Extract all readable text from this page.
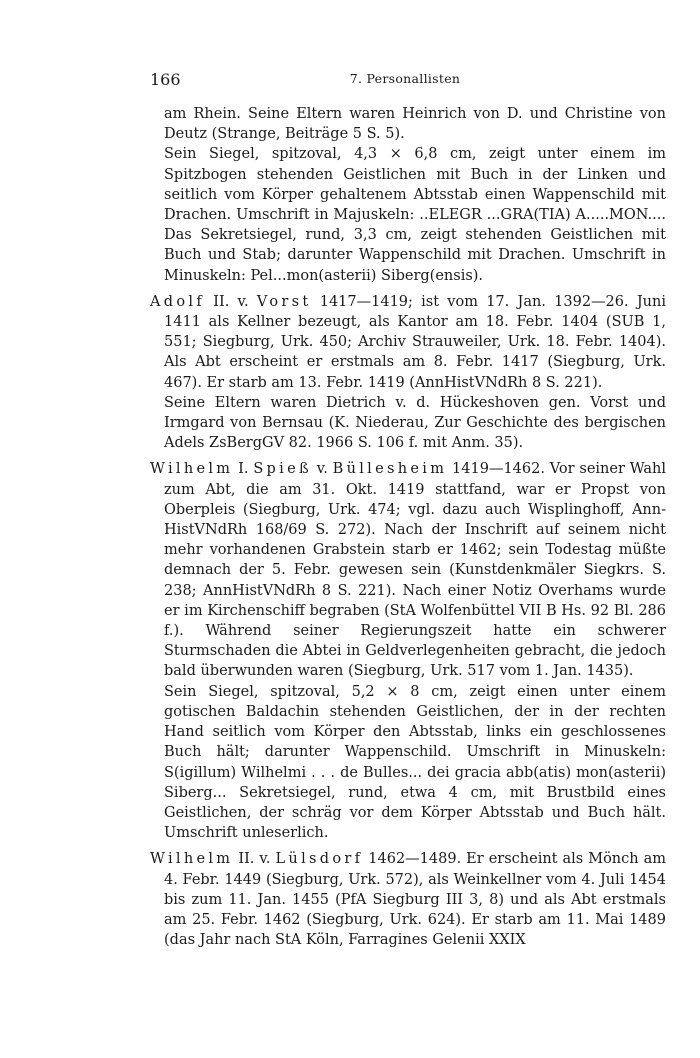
166	7. Personallisten

am Rhein. Seine Eltern waren Heinrich von D. und Christine von Deutz (Strange, Beiträge 5 S. 5).

Sein Siegel, spitzoval, 4,3 × 6,8 cm, zeigt unter einem im Spitzbogen stehenden Geistlichen mit Buch in der Linken und seitlich vom Körper gehaltenem Abtsstab einen Wappenschild mit Drachen. Umschrift in Majuskeln: ..ELEGR ...GRA(TIA) A.....MON.... Das Sekretsiegel, rund, 3,3 cm, zeigt stehenden Geistlichen mit Buch und Stab; darunter Wappenschild mit Drachen. Umschrift in Minuskeln: Pel...mon(asterii) Siberg(ensis).

Adolf II. v. Vorst 1417—1419; ist vom 17. Jan. 1392—26. Juni 1411 als Kellner bezeugt, als Kantor am 18. Febr. 1404 (SUB 1, 551; Siegburg, Urk. 450; Archiv Strauweiler, Urk. 18. Febr. 1404). Als Abt erscheint er erstmals am 8. Febr. 1417 (Siegburg, Urk. 467). Er starb am 13. Febr. 1419 (AnnHistVNdRh 8 S. 221).
Seine Eltern waren Dietrich v. d. Hückeshoven gen. Vorst und Irmgard von Bernsau (K. Niederau, Zur Geschichte des bergischen Adels ZsBergGV 82. 1966 S. 106 f. mit Anm. 35).

Wilhelm I. Spieß v. Büllesheim 1419—1462. Vor seiner Wahl zum Abt, die am 31. Okt. 1419 stattfand, war er Propst von Oberpleis (Siegburg, Urk. 474; vgl. dazu auch Wisplinghoff, Ann-HistVNdRh 168/69 S. 272). Nach der Inschrift auf seinem nicht mehr vorhandenen Grabstein starb er 1462; sein Todestag müßte demnach der 5. Febr. gewesen sein (Kunstdenkmäler Siegkrs. S. 238; AnnHistVNdRh 8 S. 221). Nach einer Notiz Overhams wurde er im Kirchenschiff begraben (StA Wolfenbüttel VII B Hs. 92 Bl. 286 f.). Während seiner Regierungszeit hatte ein schwerer Sturmschaden die Abtei in Geldverlegenheiten gebracht, die jedoch bald überwunden waren (Siegburg, Urk. 517 vom 1. Jan. 1435).
Sein Siegel, spitzoval, 5,2 × 8 cm, zeigt einen unter einem gotischen Baldachin stehenden Geistlichen, der in der rechten Hand seitlich vom Körper den Abtsstab, links ein geschlossenes Buch hält; darunter Wappenschild. Umschrift in Minuskeln: S(igillum) Wilhelmi . . . de Bulles... dei gracia abb(atis) mon(asterii) Siberg... Sekretsiegel, rund, etwa 4 cm, mit Brustbild eines Geistlichen, der schräg vor dem Körper Abtsstab und Buch hält. Umschrift unleserlich.

Wilhelm II. v. Lülsdorf 1462—1489. Er erscheint als Mönch am 4. Febr. 1449 (Siegburg, Urk. 572), als Weinkellner vom 4. Juli 1454 bis zum 11. Jan. 1455 (PfA Siegburg III 3, 8) und als Abt erstmals am 25. Febr. 1462 (Siegburg, Urk. 624). Er starb am 11. Mai 1489 (das Jahr nach StA Köln, Farragines Gelenii XXIX
